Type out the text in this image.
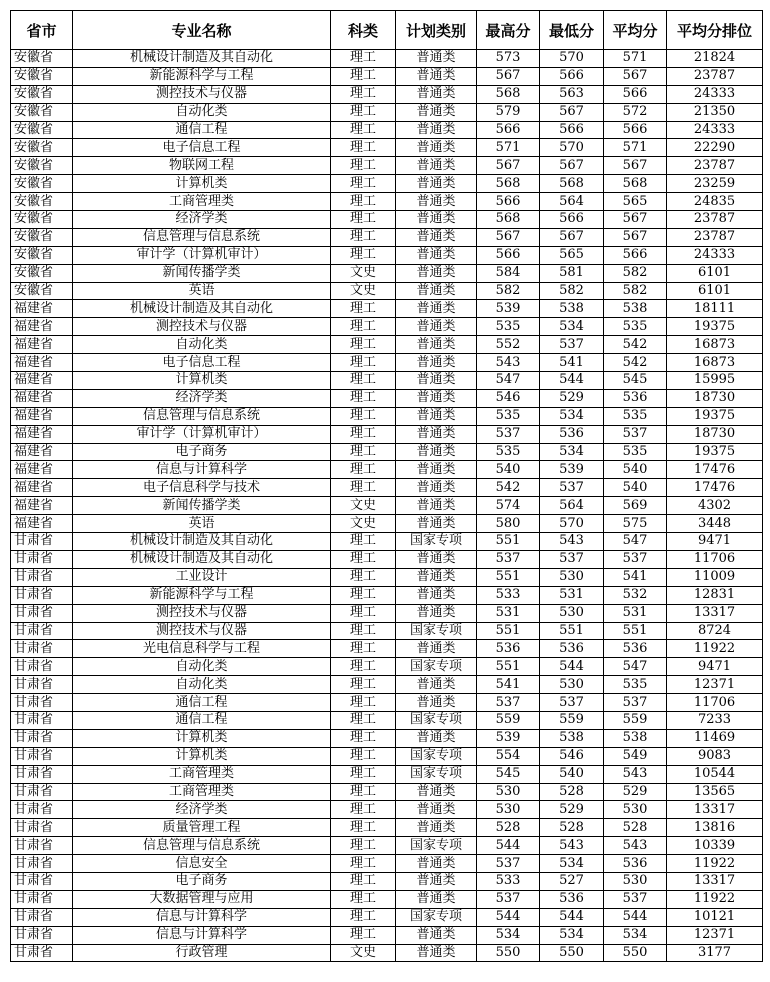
省市	专业名称	科类	计划类别	最高分	最低分	平均分	平均分排位
安徽省	机械设计制造及其自动化	理工	普通类	573	570	571	21824
安徽省	新能源科学与工程	理工	普通类	567	566	567	23787
安徽省	测控技术与仪器	理工	普通类	568	563	566	24333
安徽省	自动化类	理工	普通类	579	567	572	21350
安徽省	通信工程	理工	普通类	566	566	566	24333
安徽省	电子信息工程	理工	普通类	571	570	571	22290
安徽省	物联网工程	理工	普通类	567	567	567	23787
安徽省	计算机类	理工	普通类	568	568	568	23259
安徽省	工商管理类	理工	普通类	566	564	565	24835
安徽省	经济学类	理工	普通类	568	566	567	23787
安徽省	信息管理与信息系统	理工	普通类	567	567	567	23787
安徽省	审计学（计算机审计）	理工	普通类	566	565	566	24333
安徽省	新闻传播学类	文史	普通类	584	581	582	6101
安徽省	英语	文史	普通类	582	582	582	6101
福建省	机械设计制造及其自动化	理工	普通类	539	538	538	18111
福建省	测控技术与仪器	理工	普通类	535	534	535	19375
福建省	自动化类	理工	普通类	552	537	542	16873
福建省	电子信息工程	理工	普通类	543	541	542	16873
福建省	计算机类	理工	普通类	547	544	545	15995
福建省	经济学类	理工	普通类	546	529	536	18730
福建省	信息管理与信息系统	理工	普通类	535	534	535	19375
福建省	审计学（计算机审计）	理工	普通类	537	536	537	18730
福建省	电子商务	理工	普通类	535	534	535	19375
福建省	信息与计算科学	理工	普通类	540	539	540	17476
福建省	电子信息科学与技术	理工	普通类	542	537	540	17476
福建省	新闻传播学类	文史	普通类	574	564	569	4302
福建省	英语	文史	普通类	580	570	575	3448
甘肃省	机械设计制造及其自动化	理工	国家专项	551	543	547	9471
甘肃省	机械设计制造及其自动化	理工	普通类	537	537	537	11706
甘肃省	工业设计	理工	普通类	551	530	541	11009
甘肃省	新能源科学与工程	理工	普通类	533	531	532	12831
甘肃省	测控技术与仪器	理工	普通类	531	530	531	13317
甘肃省	测控技术与仪器	理工	国家专项	551	551	551	8724
甘肃省	光电信息科学与工程	理工	普通类	536	536	536	11922
甘肃省	自动化类	理工	国家专项	551	544	547	9471
甘肃省	自动化类	理工	普通类	541	530	535	12371
甘肃省	通信工程	理工	普通类	537	537	537	11706
甘肃省	通信工程	理工	国家专项	559	559	559	7233
甘肃省	计算机类	理工	普通类	539	538	538	11469
甘肃省	计算机类	理工	国家专项	554	546	549	9083
甘肃省	工商管理类	理工	国家专项	545	540	543	10544
甘肃省	工商管理类	理工	普通类	530	528	529	13565
甘肃省	经济学类	理工	普通类	530	529	530	13317
甘肃省	质量管理工程	理工	普通类	528	528	528	13816
甘肃省	信息管理与信息系统	理工	国家专项	544	543	543	10339
甘肃省	信息安全	理工	普通类	537	534	536	11922
甘肃省	电子商务	理工	普通类	533	527	530	13317
甘肃省	大数据管理与应用	理工	普通类	537	536	537	11922
甘肃省	信息与计算科学	理工	国家专项	544	544	544	10121
甘肃省	信息与计算科学	理工	普通类	534	534	534	12371
甘肃省	行政管理	文史	普通类	550	550	550	3177
